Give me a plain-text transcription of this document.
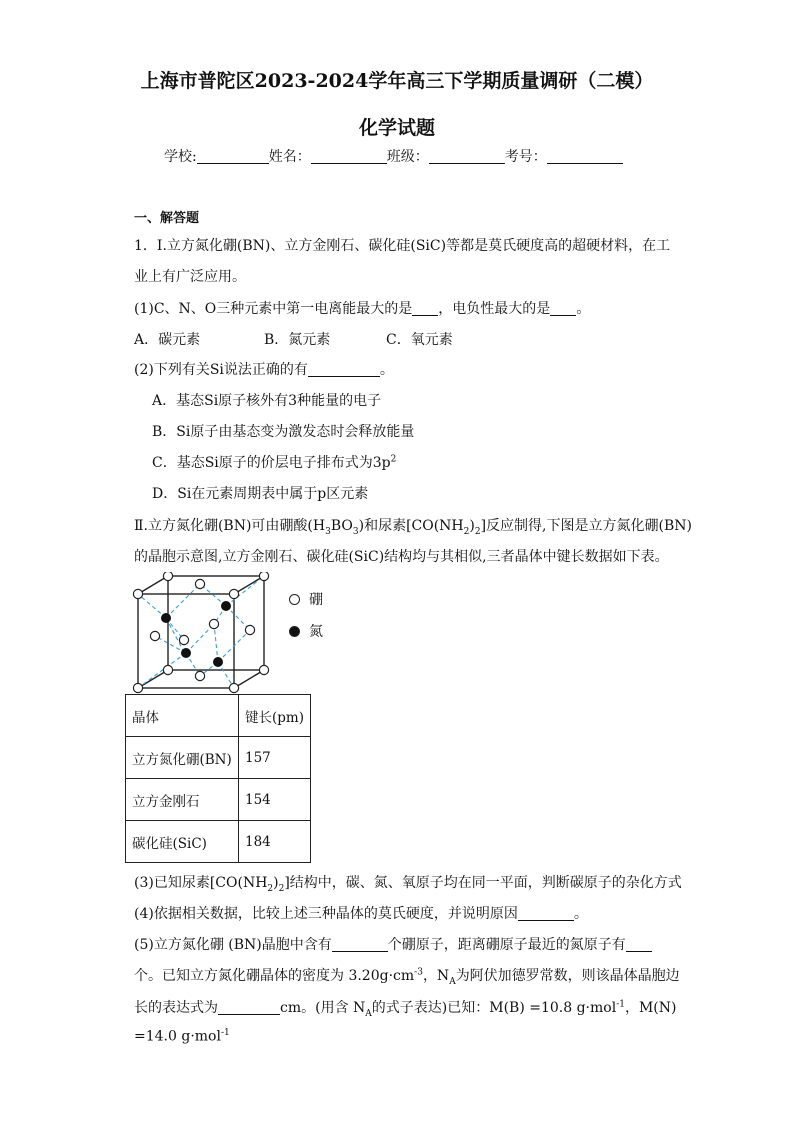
上海市普陀区2023-2024学年高三下学期质量调研（二模）
化学试题
学校:	姓名：	班级：	考号：
一、解答题
1．Ⅰ.立方氮化硼(BN)、立方金刚石、碳化硅(SiC)等都是莫氏硬度高的超硬材料，在工
业上有广泛应用。
(1)C、N、O三种元素中第一电离能最大的是 ，电负性最大的是 。
A．碳元素	B．氮元素	C．氧元素
(2)下列有关Si说法正确的有	。
A．基态Si原子核外有3种能量的电子
B．Si原子由基态变为激发态时会释放能量
C．基态Si原子的价层电子排布式为$3p^2$
D．Si在元素周期表中属于p区元素
Ⅱ.立方氮化硼(BN)可由硼酸$(H_3BO_3)$和尿素$[CO(NH_2)_2]$反应制得,下图是立方氮化硼(BN)
的晶胞示意图,立方金刚石、碳化硅(SiC)结构均与其相似,三者晶体中键长数据如下表。
硼
氮
晶体	键长(pm)
立方氮化硼(BN)	157
立方金刚石	154
碳化硅(SiC)	184
(3)已知尿素$[CO(NH_2)_2]$结构中，碳、氮、氧原子均在同一平面，判断碳原子的杂化方式
(4)依据相关数据，比较上述三种晶体的莫氏硬度，并说明原因	。
(5)立方氮化硼 (BN)晶胞中含有	个硼原子，距离硼原子最近的氮原子有
个。已知立方氮化硼晶体的密度为 $3.20g\cdot cm^{-3}$，$N_A$为阿伏加德罗常数，则该晶体晶胞边
长的表达式为	cm。(用含 $N_A$的式子表达)已知：M(B) =10.8 g·mol$^{-1}$，M(N)
=14.0 g·mol$^{-1}$
